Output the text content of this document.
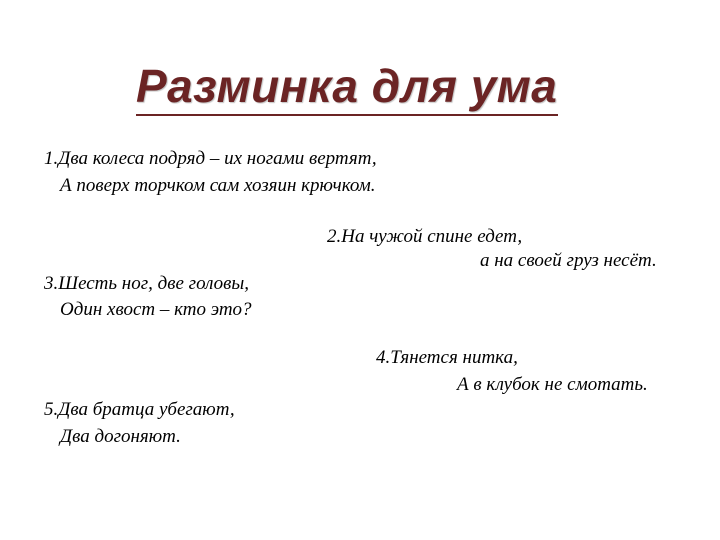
Разминка для ума

1.Два колеса подряд – их ногами вертят,

А поверх торчком сам хозяин крючком.

2.На чужой спине едет,

а на своей груз несёт.

3.Шесть ног, две головы,

Один хвост – кто это?

4.Тянется нитка,

А в клубок не смотать.

5.Два братца убегают,

Два догоняют.
